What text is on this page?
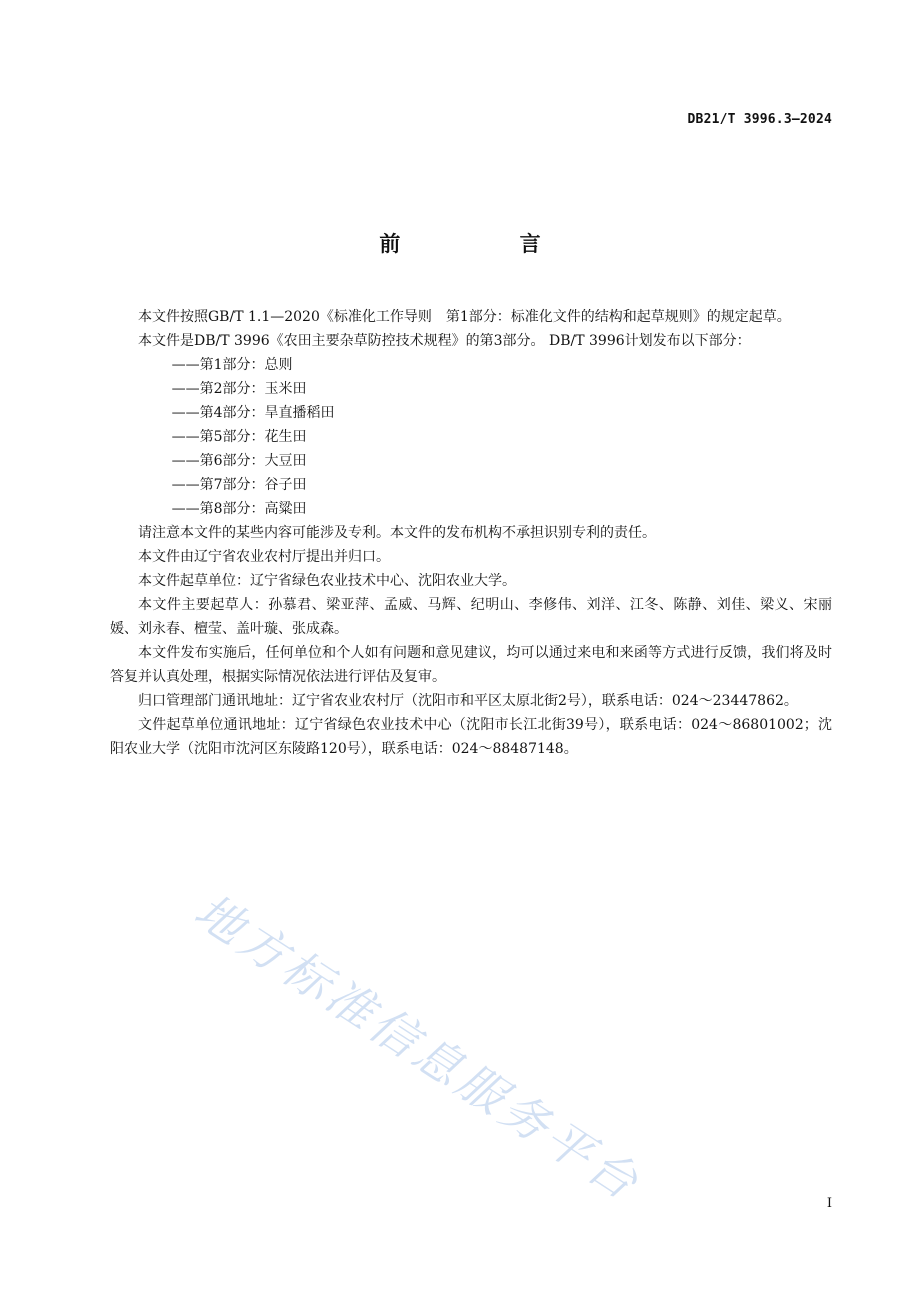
DB21/T 3996.3—2024
前 言

本文件按照GB/T 1.1—2020《标准化工作导则　第1部分：标准化文件的结构和起草规则》的规定起草。

本文件是DB/T 3996《农田主要杂草防控技术规程》的第3部分。 DB/T 3996计划发布以下部分：

——第1部分：总则
——第2部分：玉米田
——第4部分：旱直播稻田
——第5部分：花生田
——第6部分：大豆田
——第7部分：谷子田
——第8部分：高粱田

请注意本文件的某些内容可能涉及专利。本文件的发布机构不承担识别专利的责任。

本文件由辽宁省农业农村厅提出并归口。

本文件起草单位：辽宁省绿色农业技术中心、沈阳农业大学。

本文件主要起草人：孙慕君、梁亚萍、孟威、马辉、纪明山、李修伟、刘洋、江冬、陈静、刘佳、梁义、宋丽媛、刘永春、檀莹、盖叶璇、张成森。

本文件发布实施后，任何单位和个人如有问题和意见建议，均可以通过来电和来函等方式进行反馈，我们将及时答复并认真处理，根据实际情况依法进行评估及复审。

归口管理部门通讯地址：辽宁省农业农村厅（沈阳市和平区太原北街2号），联系电话：024～23447862。

文件起草单位通讯地址：辽宁省绿色农业技术中心（沈阳市长江北街39号），联系电话：024～86801002；沈阳农业大学（沈阳市沈河区东陵路120号），联系电话：024～88487148。

地方标准信息服务平台	I
